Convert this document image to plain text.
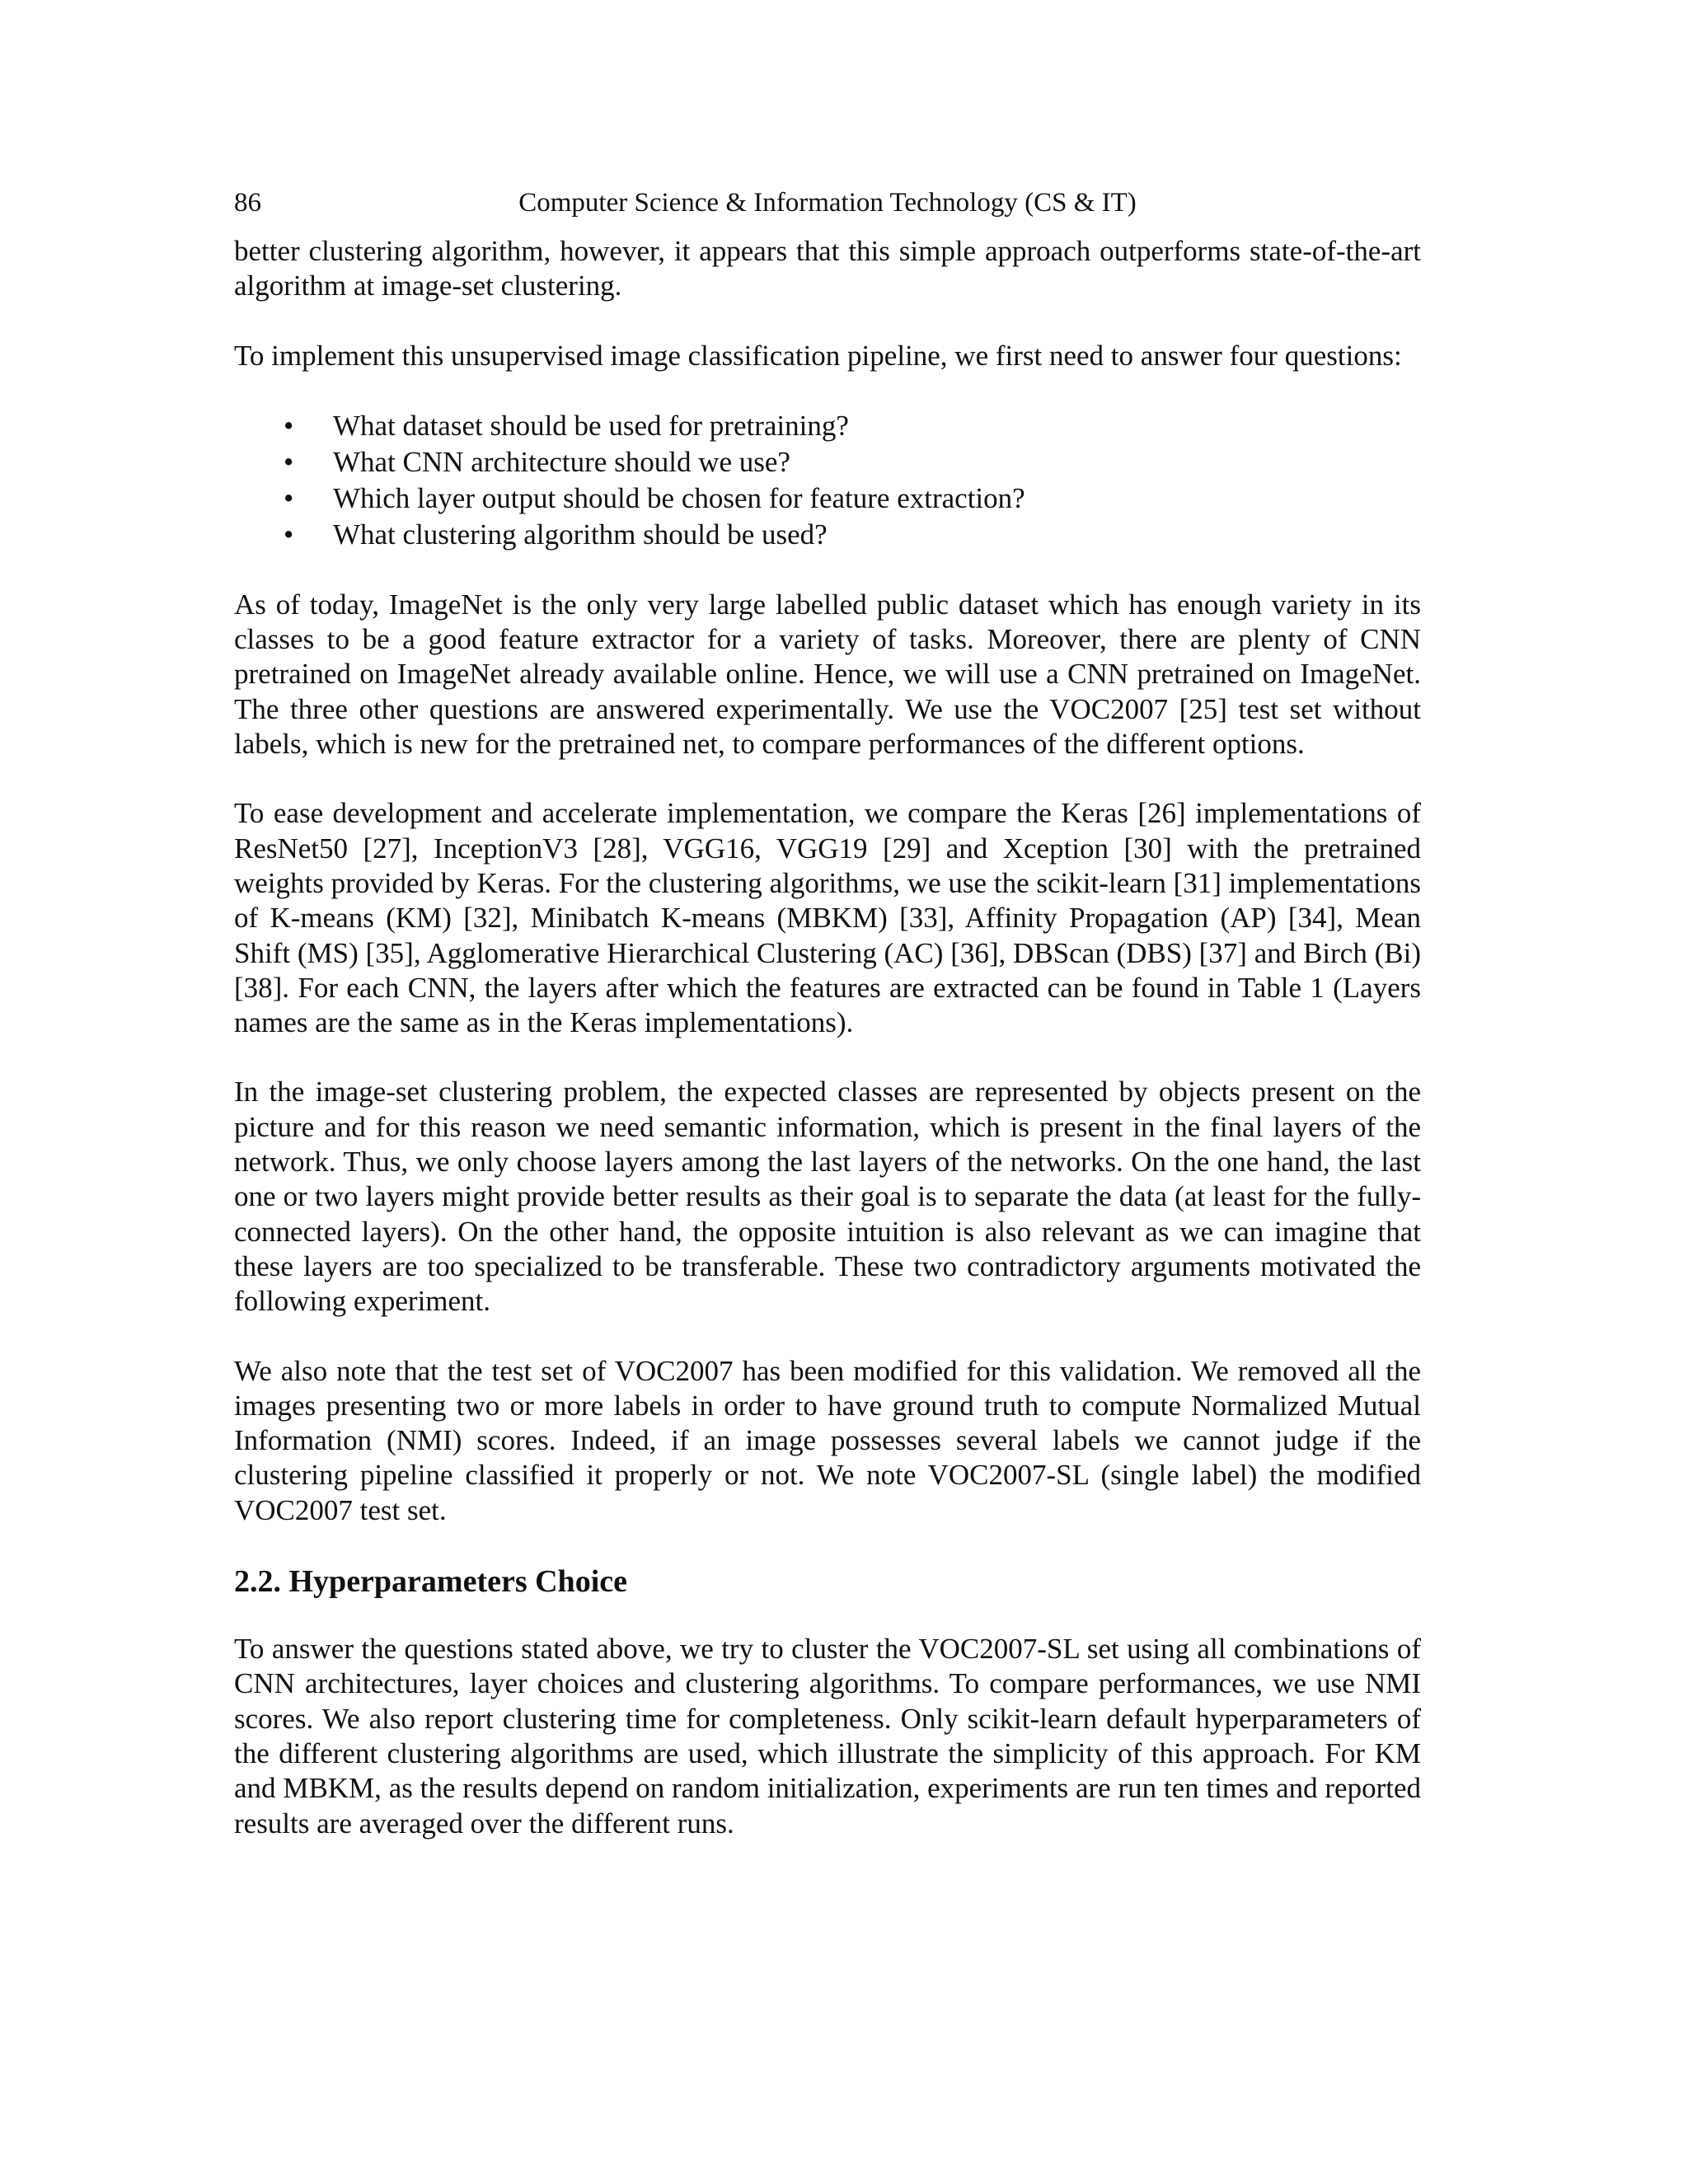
86	Computer Science & Information Technology (CS & IT)

better clustering algorithm, however, it appears that this simple approach outperforms state-of-the-art algorithm at image-set clustering.

To implement this unsupervised image classification pipeline, we first need to answer four questions:

• What dataset should be used for pretraining?
• What CNN architecture should we use?
• Which layer output should be chosen for feature extraction?
• What clustering algorithm should be used?

As of today, ImageNet is the only very large labelled public dataset which has enough variety in its classes to be a good feature extractor for a variety of tasks. Moreover, there are plenty of CNN pretrained on ImageNet already available online. Hence, we will use a CNN pretrained on ImageNet. The three other questions are answered experimentally. We use the VOC2007 [25] test set without labels, which is new for the pretrained net, to compare performances of the different options.

To ease development and accelerate implementation, we compare the Keras [26] implementations of ResNet50 [27], InceptionV3 [28], VGG16, VGG19 [29] and Xception [30] with the pretrained weights provided by Keras. For the clustering algorithms, we use the scikit-learn [31] implementations of K-means (KM) [32], Minibatch K-means (MBKM) [33], Affinity Propagation (AP) [34], Mean Shift (MS) [35], Agglomerative Hierarchical Clustering (AC) [36], DBScan (DBS) [37] and Birch (Bi) [38]. For each CNN, the layers after which the features are extracted can be found in Table 1 (Layers names are the same as in the Keras implementations).

In the image-set clustering problem, the expected classes are represented by objects present on the picture and for this reason we need semantic information, which is present in the final layers of the network. Thus, we only choose layers among the last layers of the networks. On the one hand, the last one or two layers might provide better results as their goal is to separate the data (at least for the fully-connected layers). On the other hand, the opposite intuition is also relevant as we can imagine that these layers are too specialized to be transferable. These two contradictory arguments motivated the following experiment.

We also note that the test set of VOC2007 has been modified for this validation. We removed all the images presenting two or more labels in order to have ground truth to compute Normalized Mutual Information (NMI) scores. Indeed, if an image possesses several labels we cannot judge if the clustering pipeline classified it properly or not. We note VOC2007-SL (single label) the modified VOC2007 test set.

2.2. Hyperparameters Choice

To answer the questions stated above, we try to cluster the VOC2007-SL set using all combinations of CNN architectures, layer choices and clustering algorithms. To compare performances, we use NMI scores. We also report clustering time for completeness. Only scikit-learn default hyperparameters of the different clustering algorithms are used, which illustrate the simplicity of this approach. For KM and MBKM, as the results depend on random initialization, experiments are run ten times and reported results are averaged over the different runs.
